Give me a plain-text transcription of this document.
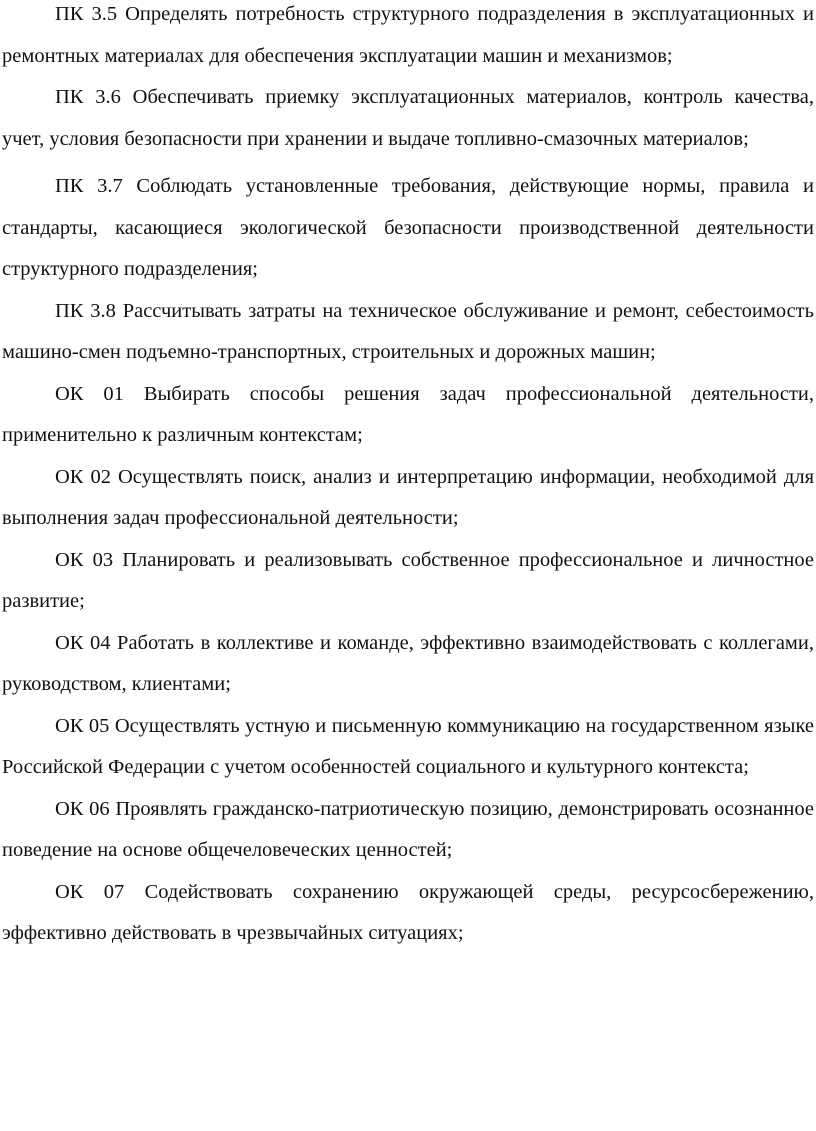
ПК 3.5 Определять потребность структурного подразделения в эксплуатационных и ремонтных материалах для обеспечения эксплуатации машин и механизмов;

ПК 3.6 Обеспечивать приемку эксплуатационных материалов, контроль качества, учет, условия безопасности при хранении и выдаче топливно-смазочных материалов;

ПК 3.7 Соблюдать установленные требования, действующие нормы, правила и стандарты, касающиеся экологической безопасности производственной деятельности структурного подразделения;

ПК 3.8 Рассчитывать затраты на техническое обслуживание и ремонт, себестоимость машино-смен подъемно-транспортных, строительных и дорожных машин;

ОК 01 Выбирать способы решения задач профессиональной деятельности, применительно к различным контекстам;

ОК 02 Осуществлять поиск, анализ и интерпретацию информации, необходимой для выполнения задач профессиональной деятельности;

ОК 03 Планировать и реализовывать собственное профессиональное и личностное развитие;

ОК 04 Работать в коллективе и команде, эффективно взаимодействовать с коллегами, руководством, клиентами;

ОК 05 Осуществлять устную и письменную коммуникацию на государственном языке Российской Федерации с учетом особенностей социального и культурного контекста;

ОК 06 Проявлять гражданско-патриотическую позицию, демонстрировать осознанное поведение на основе общечеловеческих ценностей;

ОК 07 Содействовать сохранению окружающей среды, ресурсосбережению, эффективно действовать в чрезвычайных ситуациях;
